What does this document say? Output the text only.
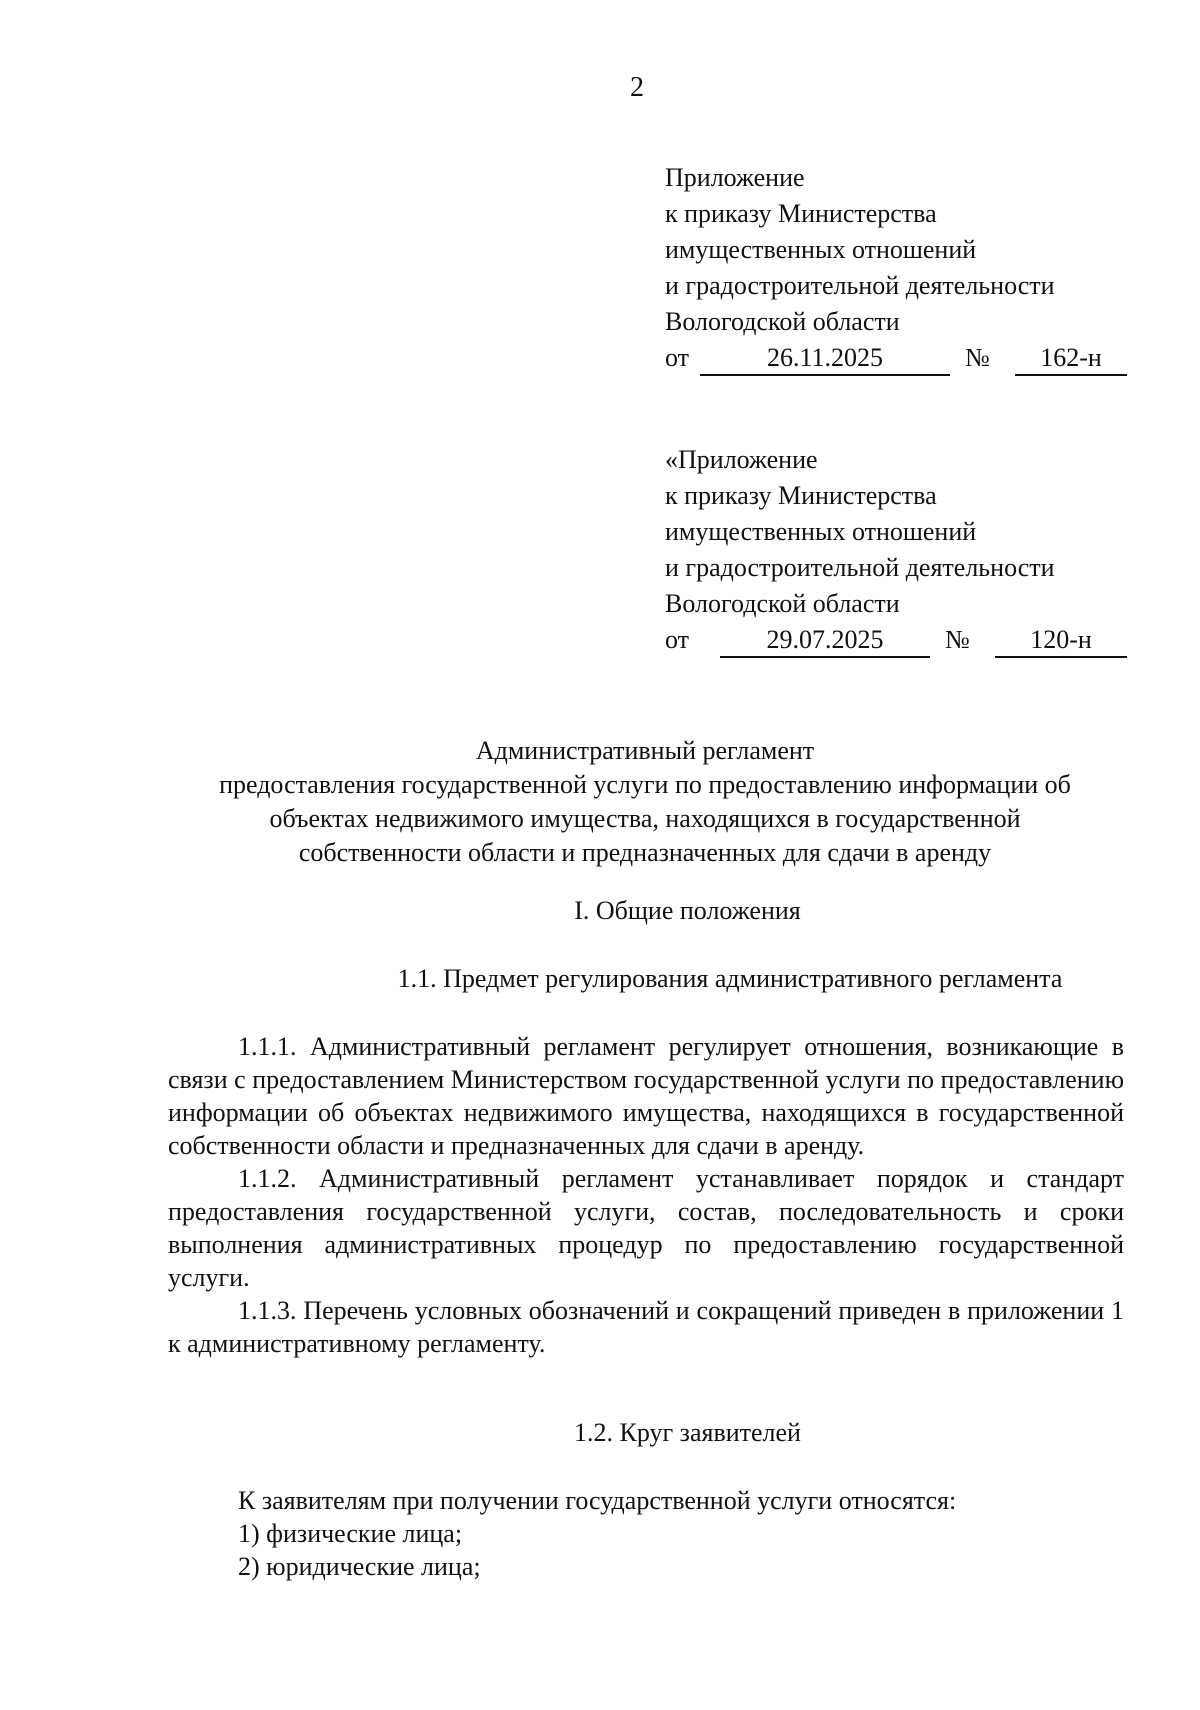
2
Приложение
к приказу Министерства
имущественных отношений
и градостроительной деятельности
Вологодской области
от	26.11.2025	№	162-н
«Приложение
к приказу Министерства
имущественных отношений
и градостроительной деятельности
Вологодской области
от	29.07.2025	№	120-н
Административный регламент
предоставления государственной услуги по предоставлению информации об
объектах недвижимого имущества, находящихся в государственной
собственности области и предназначенных для сдачи в аренду
I. Общие положения
1.1. Предмет регулирования административного регламента

1.1.1. Административный регламент регулирует отношения, возникающие в связи с предоставлением Министерством государственной услуги по предоставлению информации об объектах недвижимого имущества, находящихся в государственной собственности области и предназначенных для сдачи в аренду.

1.1.2. Административный регламент устанавливает порядок и стандарт предоставления государственной услуги, состав, последовательность и сроки выполнения административных процедур по предоставлению государственной услуги.

1.1.3. Перечень условных обозначений и сокращений приведен в приложении 1 к административному регламенту.

1.2. Круг заявителей
К заявителям при получении государственной услуги относятся:
1) физические лица;
2) юридические лица;
